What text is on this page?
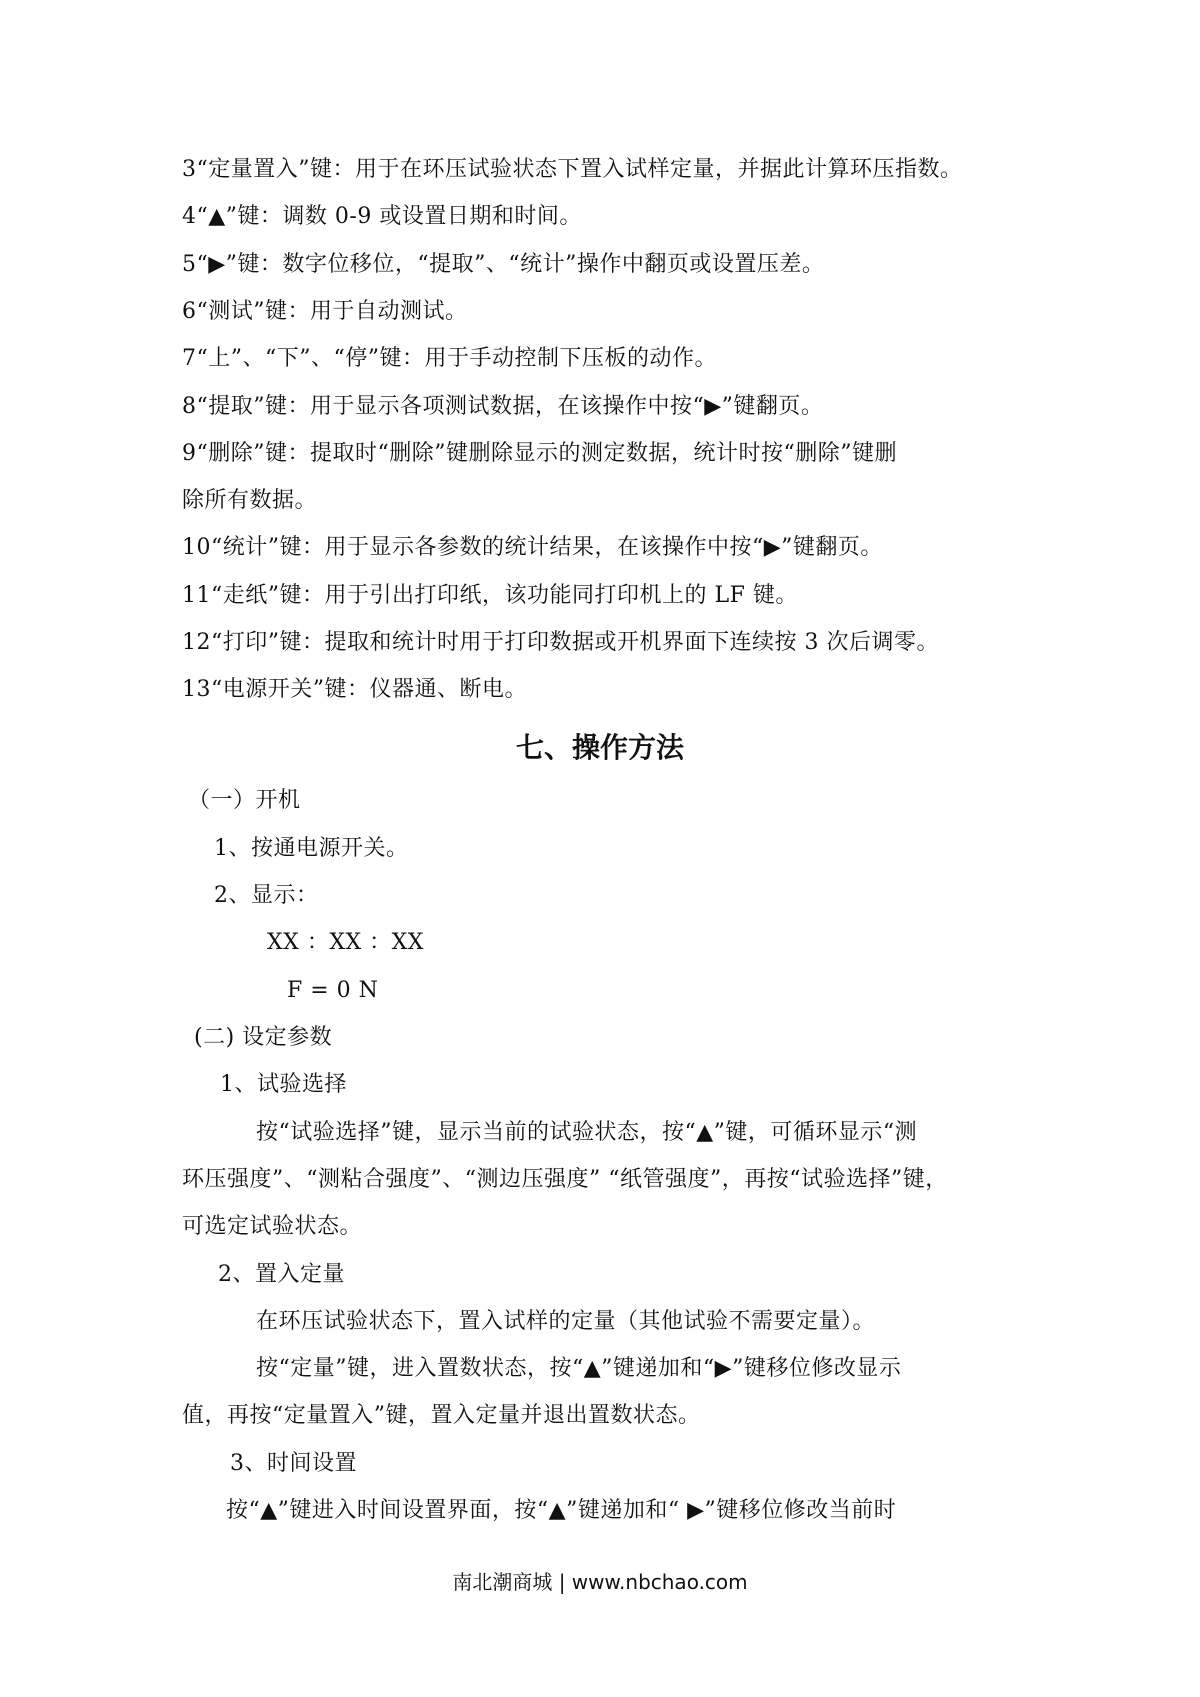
3“定量置入”键：用于在环压试验状态下置入试样定量，并据此计算环压指数。
4“▲”键：调数 0-9 或设置日期和时间。
5“▶”键：数字位移位，“提取”、“统计”操作中翻页或设置压差。
6“测试”键：用于自动测试。
7“上”、“下”、“停”键：用于手动控制下压板的动作。
8“提取”键：用于显示各项测试数据，在该操作中按“▶”键翻页。
9“删除”键：提取时“删除”键删除显示的测定数据，统计时按“删除”键删
除所有数据。
10“统计”键：用于显示各参数的统计结果，在该操作中按“▶”键翻页。
11“走纸”键：用于引出打印纸，该功能同打印机上的 LF 键。
12“打印”键：提取和统计时用于打印数据或开机界面下连续按 3 次后调零。
13“电源开关”键：仪器通、断电。
七、操作方法
（一）开机
1、按通电源开关。
2、显示：
XX ：XX ：XX
F = 0 N
(二) 设定参数
1、试验选择
按“试验选择”键，显示当前的试验状态，按“▲”键，可循环显示“测
环压强度”、“测粘合强度”、“测边压强度” “纸管强度”，再按“试验选择”键，
可选定试验状态。
2、置入定量
在环压试验状态下，置入试样的定量（其他试验不需要定量）。
按“定量”键，进入置数状态，按“▲”键递加和“▶”键移位修改显示
值，再按“定量置入”键，置入定量并退出置数状态。
3、时间设置
按“▲”键进入时间设置界面，按“▲”键递加和“ ▶”键移位修改当前时
南北潮商城 | www.nbchao.com
